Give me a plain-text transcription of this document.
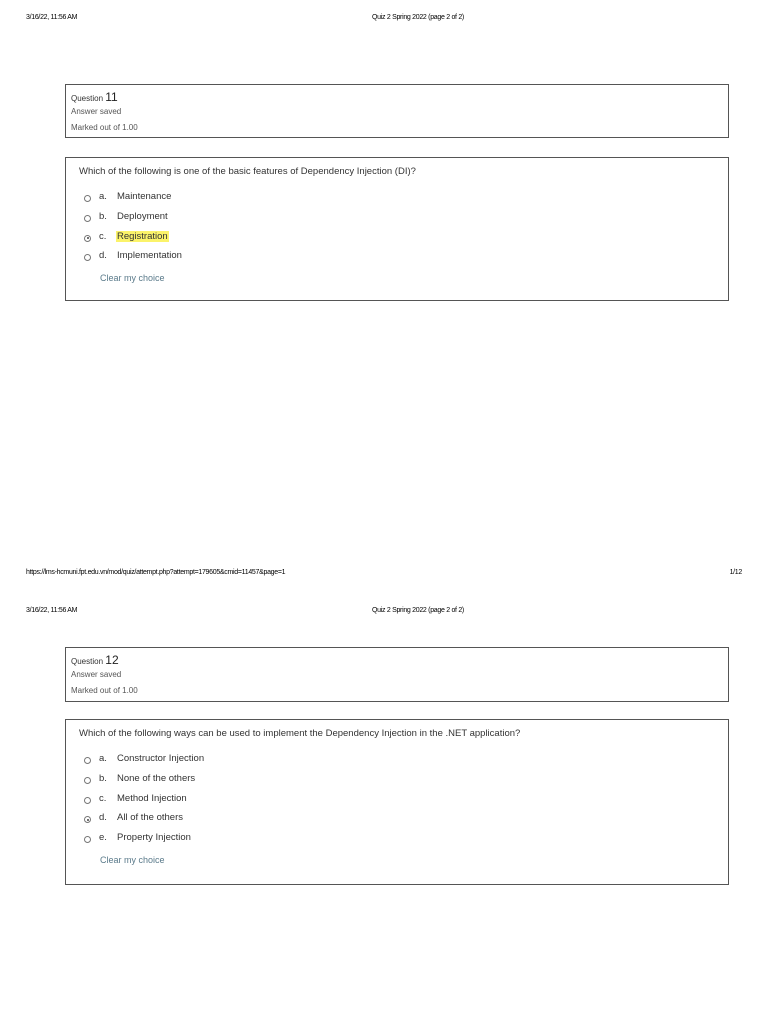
3/16/22, 11:56 AM	Quiz 2 Spring 2022 (page 2 of 2)
Question 11
Answer saved
Marked out of 1.00
Which of the following is one of the basic features of Dependency Injection (DI)?
a. Maintenance
b. Deployment
c. Registration
d. Implementation
Clear my choice
https://lms-hcmuni.fpt.edu.vn/mod/quiz/attempt.php?attempt=179605&cmid=11457&page=1	1/12
3/16/22, 11:56 AM	Quiz 2 Spring 2022 (page 2 of 2)
Question 12
Answer saved
Marked out of 1.00
Which of the following ways can be used to implement the Dependency Injection in the .NET application?
a. Constructor Injection
b. None of the others
c. Method Injection
d. All of the others
e. Property Injection
Clear my choice
